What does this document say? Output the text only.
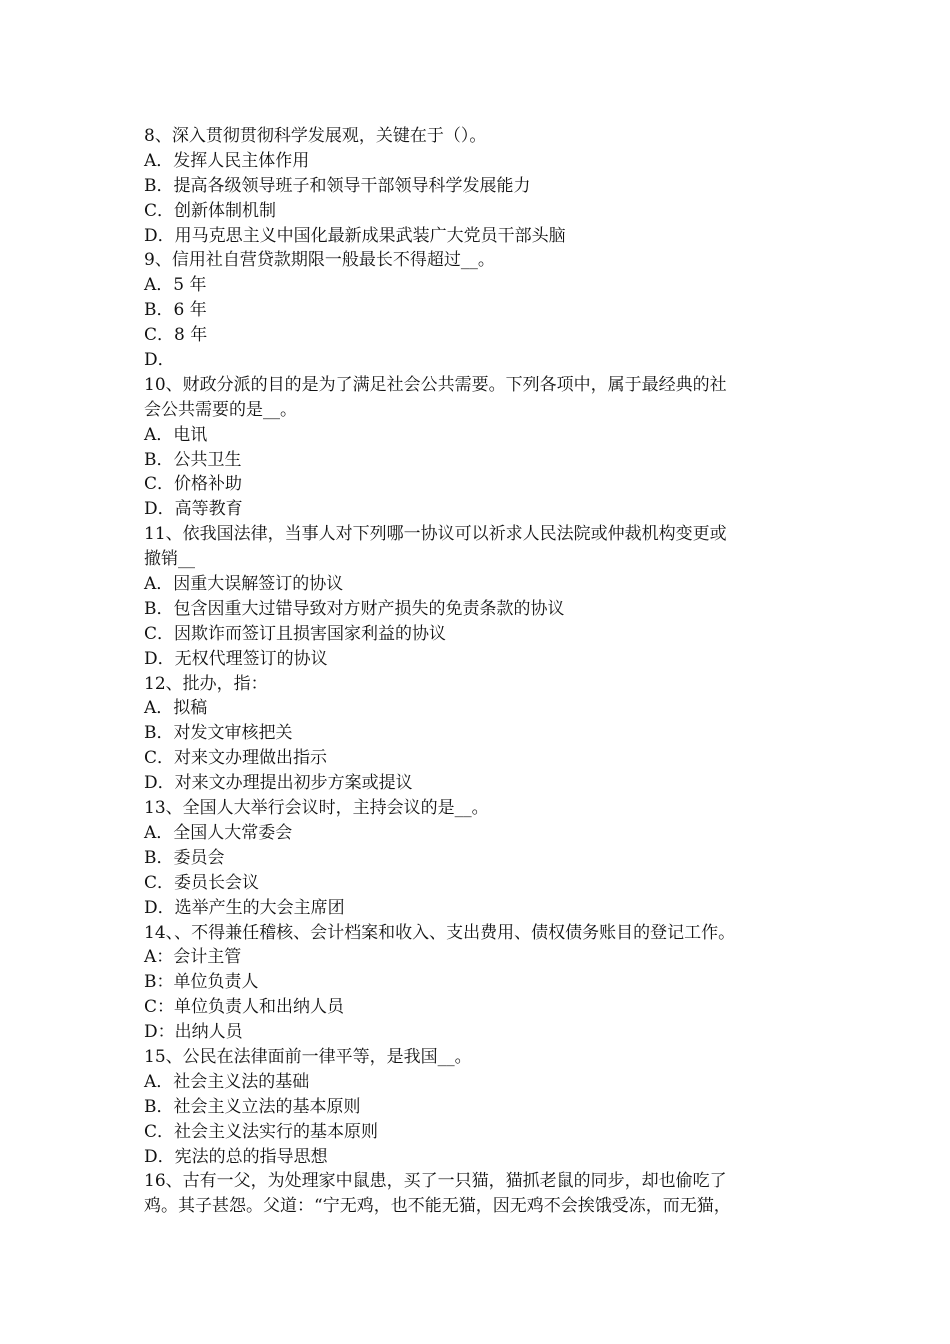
8、深入贯彻贯彻科学发展观，关键在于（）。
A．发挥人民主体作用
B．提高各级领导班子和领导干部领导科学发展能力
C．创新体制机制
D．用马克思主义中国化最新成果武装广大党员干部头脑
9、信用社自营贷款期限一般最长不得超过__。
A．5 年
B．6 年
C．8 年
D．
10、财政分派的目的是为了满足社会公共需要。下列各项中，属于最经典的社
会公共需要的是__。
A．电讯
B．公共卫生
C．价格补助
D．高等教育
11、依我国法律，当事人对下列哪一协议可以祈求人民法院或仲裁机构变更或
撤销__
A．因重大误解签订的协议
B．包含因重大过错导致对方财产损失的免责条款的协议
C．因欺诈而签订且损害国家利益的协议
D．无权代理签订的协议
12、批办，指：
A．拟稿
B．对发文审核把关
C．对来文办理做出指示
D．对来文办理提出初步方案或提议
13、全国人大举行会议时，主持会议的是__。
A．全国人大常委会
B．委员会
C．委员长会议
D．选举产生的大会主席团
14、、不得兼任稽核、会计档案和收入、支出费用、债权债务账目的登记工作。
A：会计主管
B：单位负责人
C：单位负责人和出纳人员
D：出纳人员
15、公民在法律面前一律平等，是我国__。
A．社会主义法的基础
B．社会主义立法的基本原则
C．社会主义法实行的基本原则
D．宪法的总的指导思想
16、古有一父，为处理家中鼠患，买了一只猫，猫抓老鼠的同步，却也偷吃了
鸡。其子甚怨。父道：“宁无鸡，也不能无猫，因无鸡不会挨饿受冻，而无猫，
